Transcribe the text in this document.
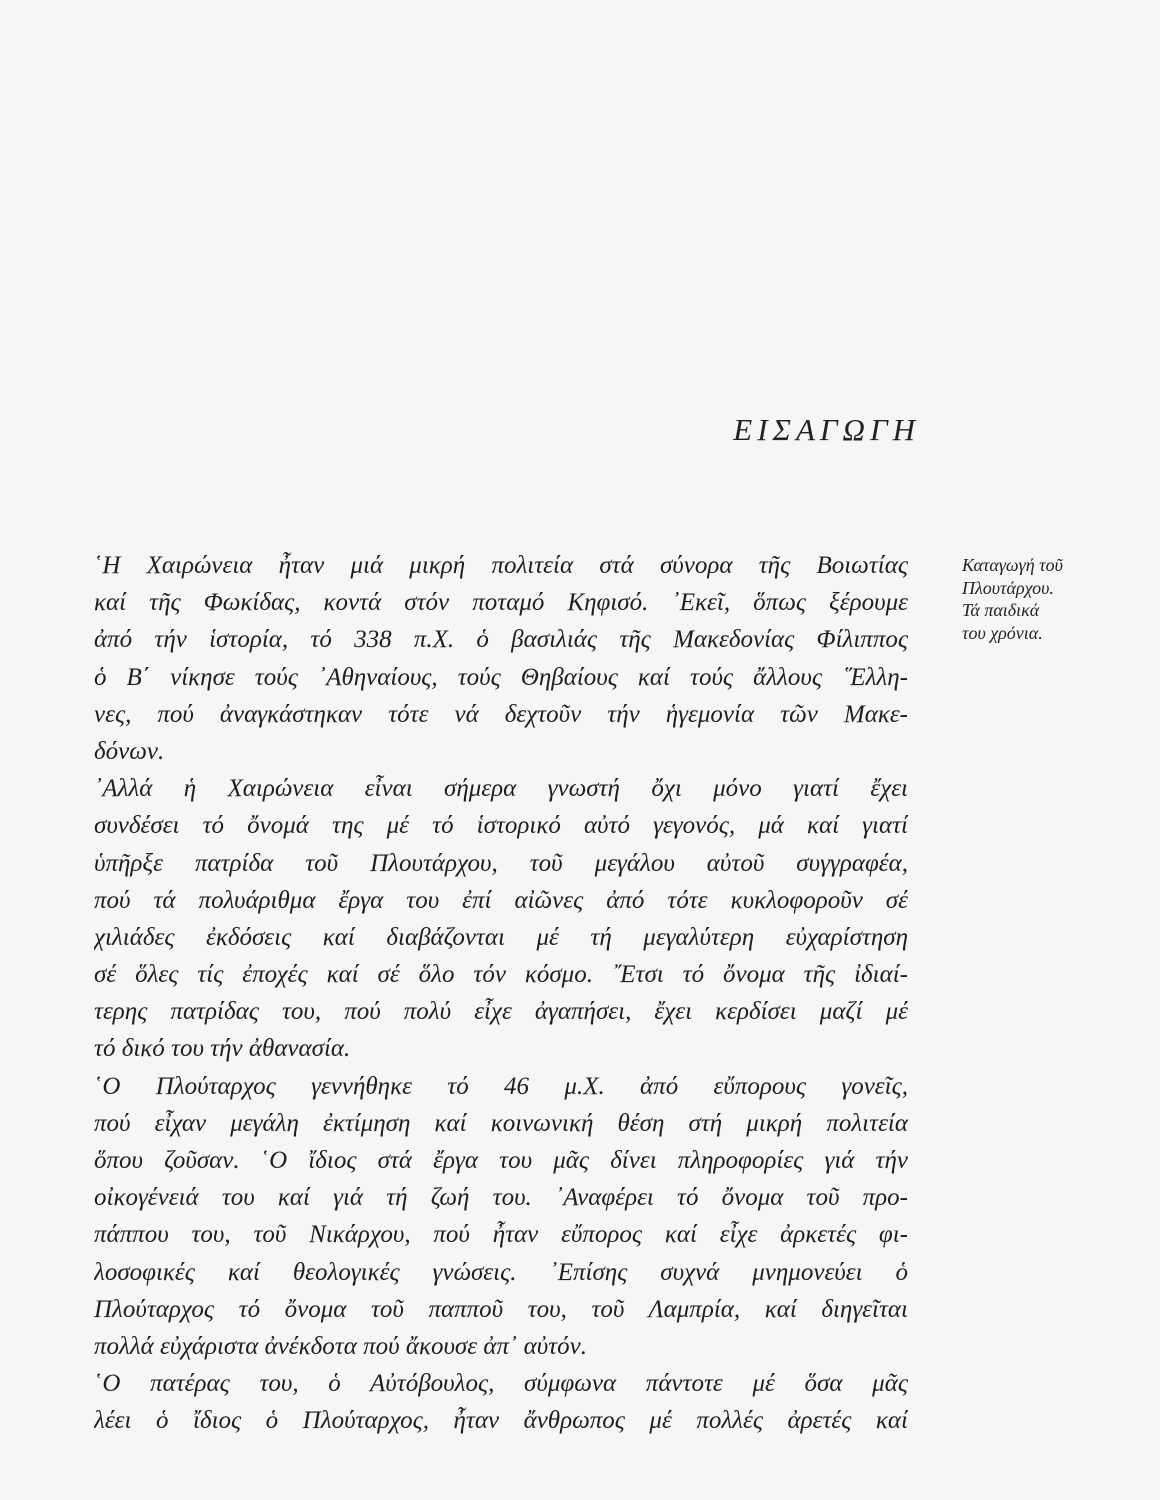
ΕΙΣΑΓΩΓΗ
Καταγωγή τοῦ
Πλουτάρχου.
Τά παιδικά
του χρόνια.
῾Η Χαιρώνεια ἦταν μιά μικρή πολιτεία στά σύνορα τῆς Βοιωτίας
καί τῆς Φωκίδας, κοντά στόν ποταμό Κηφισό. ᾿Εκεῖ, ὅπως ξέρουμε
ἀπό τήν ἱστορία, τό 338 π.Χ. ὁ βασιλιάς τῆς Μακεδονίας Φίλιππος
ὁ Β΄ νίκησε τούς ᾿Αθηναίους, τούς Θηβαίους καί τούς ἄλλους ῞Ελλη-
νες, πού ἀναγκάστηκαν τότε νά δεχτοῦν τήν ἡγεμονία τῶν Μακε-
δόνων.
᾿Αλλά ἡ Χαιρώνεια εἶναι σήμερα γνωστή ὄχι μόνο γιατί ἔχει
συνδέσει τό ὄνομά της μέ τό ἱστορικό αὐτό γεγονός, μά καί γιατί
ὑπῆρξε πατρίδα τοῦ Πλουτάρχου, τοῦ μεγάλου αὐτοῦ συγγραφέα,
πού τά πολυάριθμα ἔργα του ἐπί αἰῶνες ἀπό τότε κυκλοφοροῦν σέ
χιλιάδες ἐκδόσεις καί διαβάζονται μέ τή μεγαλύτερη εὐχαρίστηση
σέ ὅλες τίς ἐποχές καί σέ ὅλο τόν κόσμο. ῎Ετσι τό ὄνομα τῆς ἰδιαί-
τερης πατρίδας του, πού πολύ εἶχε ἀγαπήσει, ἔχει κερδίσει μαζί μέ
τό δικό του τήν ἀθανασία.
῾Ο Πλούταρχος γεννήθηκε τό 46 μ.Χ. ἀπό εὔπορους γονεῖς,
πού εἶχαν μεγάλη ἐκτίμηση καί κοινωνική θέση στή μικρή πολιτεία
ὅπου ζοῦσαν. ῾Ο ἴδιος στά ἔργα του μᾶς δίνει πληροφορίες γιά τήν
οἰκογένειά του καί γιά τή ζωή του. ᾿Αναφέρει τό ὄνομα τοῦ προ-
πάππου του, τοῦ Νικάρχου, πού ἦταν εὔπορος καί εἶχε ἀρκετές φι-
λοσοφικές καί θεολογικές γνώσεις. ᾿Επίσης συχνά μνημονεύει ὁ
Πλούταρχος τό ὄνομα τοῦ παπποῦ του, τοῦ Λαμπρία, καί διηγεῖται
πολλά εὐχάριστα ἀνέκδοτα πού ἄκουσε ἀπ᾿ αὐτόν.
῾Ο πατέρας του, ὁ Αὐτόβουλος, σύμφωνα πάντοτε μέ ὅσα μᾶς
λέει ὁ ἴδιος ὁ Πλούταρχος, ἦταν ἄνθρωπος μέ πολλές ἀρετές καί
